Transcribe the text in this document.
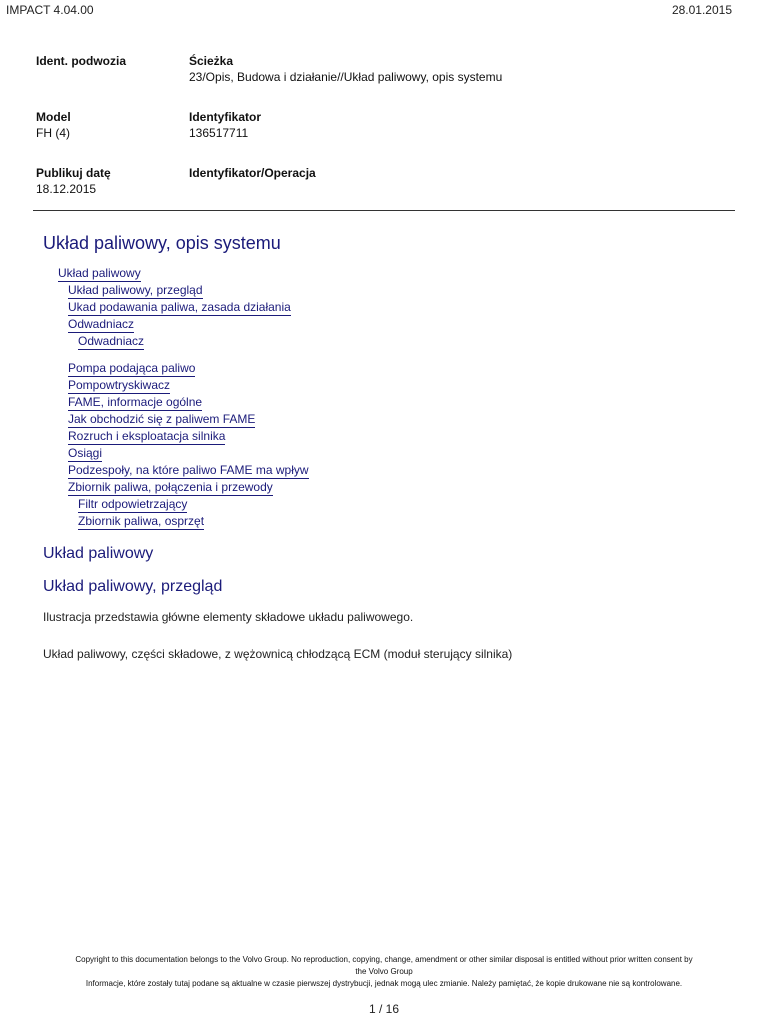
IMPACT 4.04.00	28.01.2015
Ident. podwozia	Ścieżka
23/Opis, Budowa i działanie//Układ paliwowy, opis systemu
Model
FH (4)
Identyfikator
136517711
Publikuj datę
18.12.2015
Identyfikator/Operacja
Układ paliwowy, opis systemu
Układ paliwowy
Układ paliwowy, przegląd
Ukad podawania paliwa, zasada działania
Odwadniacz
Odwadniacz
Pompa podająca paliwo
Pompowtryskiwacz
FAME, informacje ogólne
Jak obchodzić się z paliwem FAME
Rozruch i eksploatacja silnika
Osiągi
Podzespoły, na które paliwo FAME ma wpływ
Zbiornik paliwa, połączenia i przewody
Filtr odpowietrzający
Zbiornik paliwa, osprzęt
Układ paliwowy
Układ paliwowy, przegląd
Ilustracja przedstawia główne elementy składowe układu paliwowego.
Układ paliwowy, części składowe, z wężownicą chłodzącą ECM (moduł sterujący silnika)
Copyright to this documentation belongs to the Volvo Group. No reproduction, copying, change, amendment or other similar disposal is entitled without prior written consent by
the Volvo Group
Informacje, które zostały tutaj podane są aktualne w czasie pierwszej dystrybucji, jednak mogą ulec zmianie. Należy pamiętać, że kopie drukowane nie są kontrolowane.
1 / 16
